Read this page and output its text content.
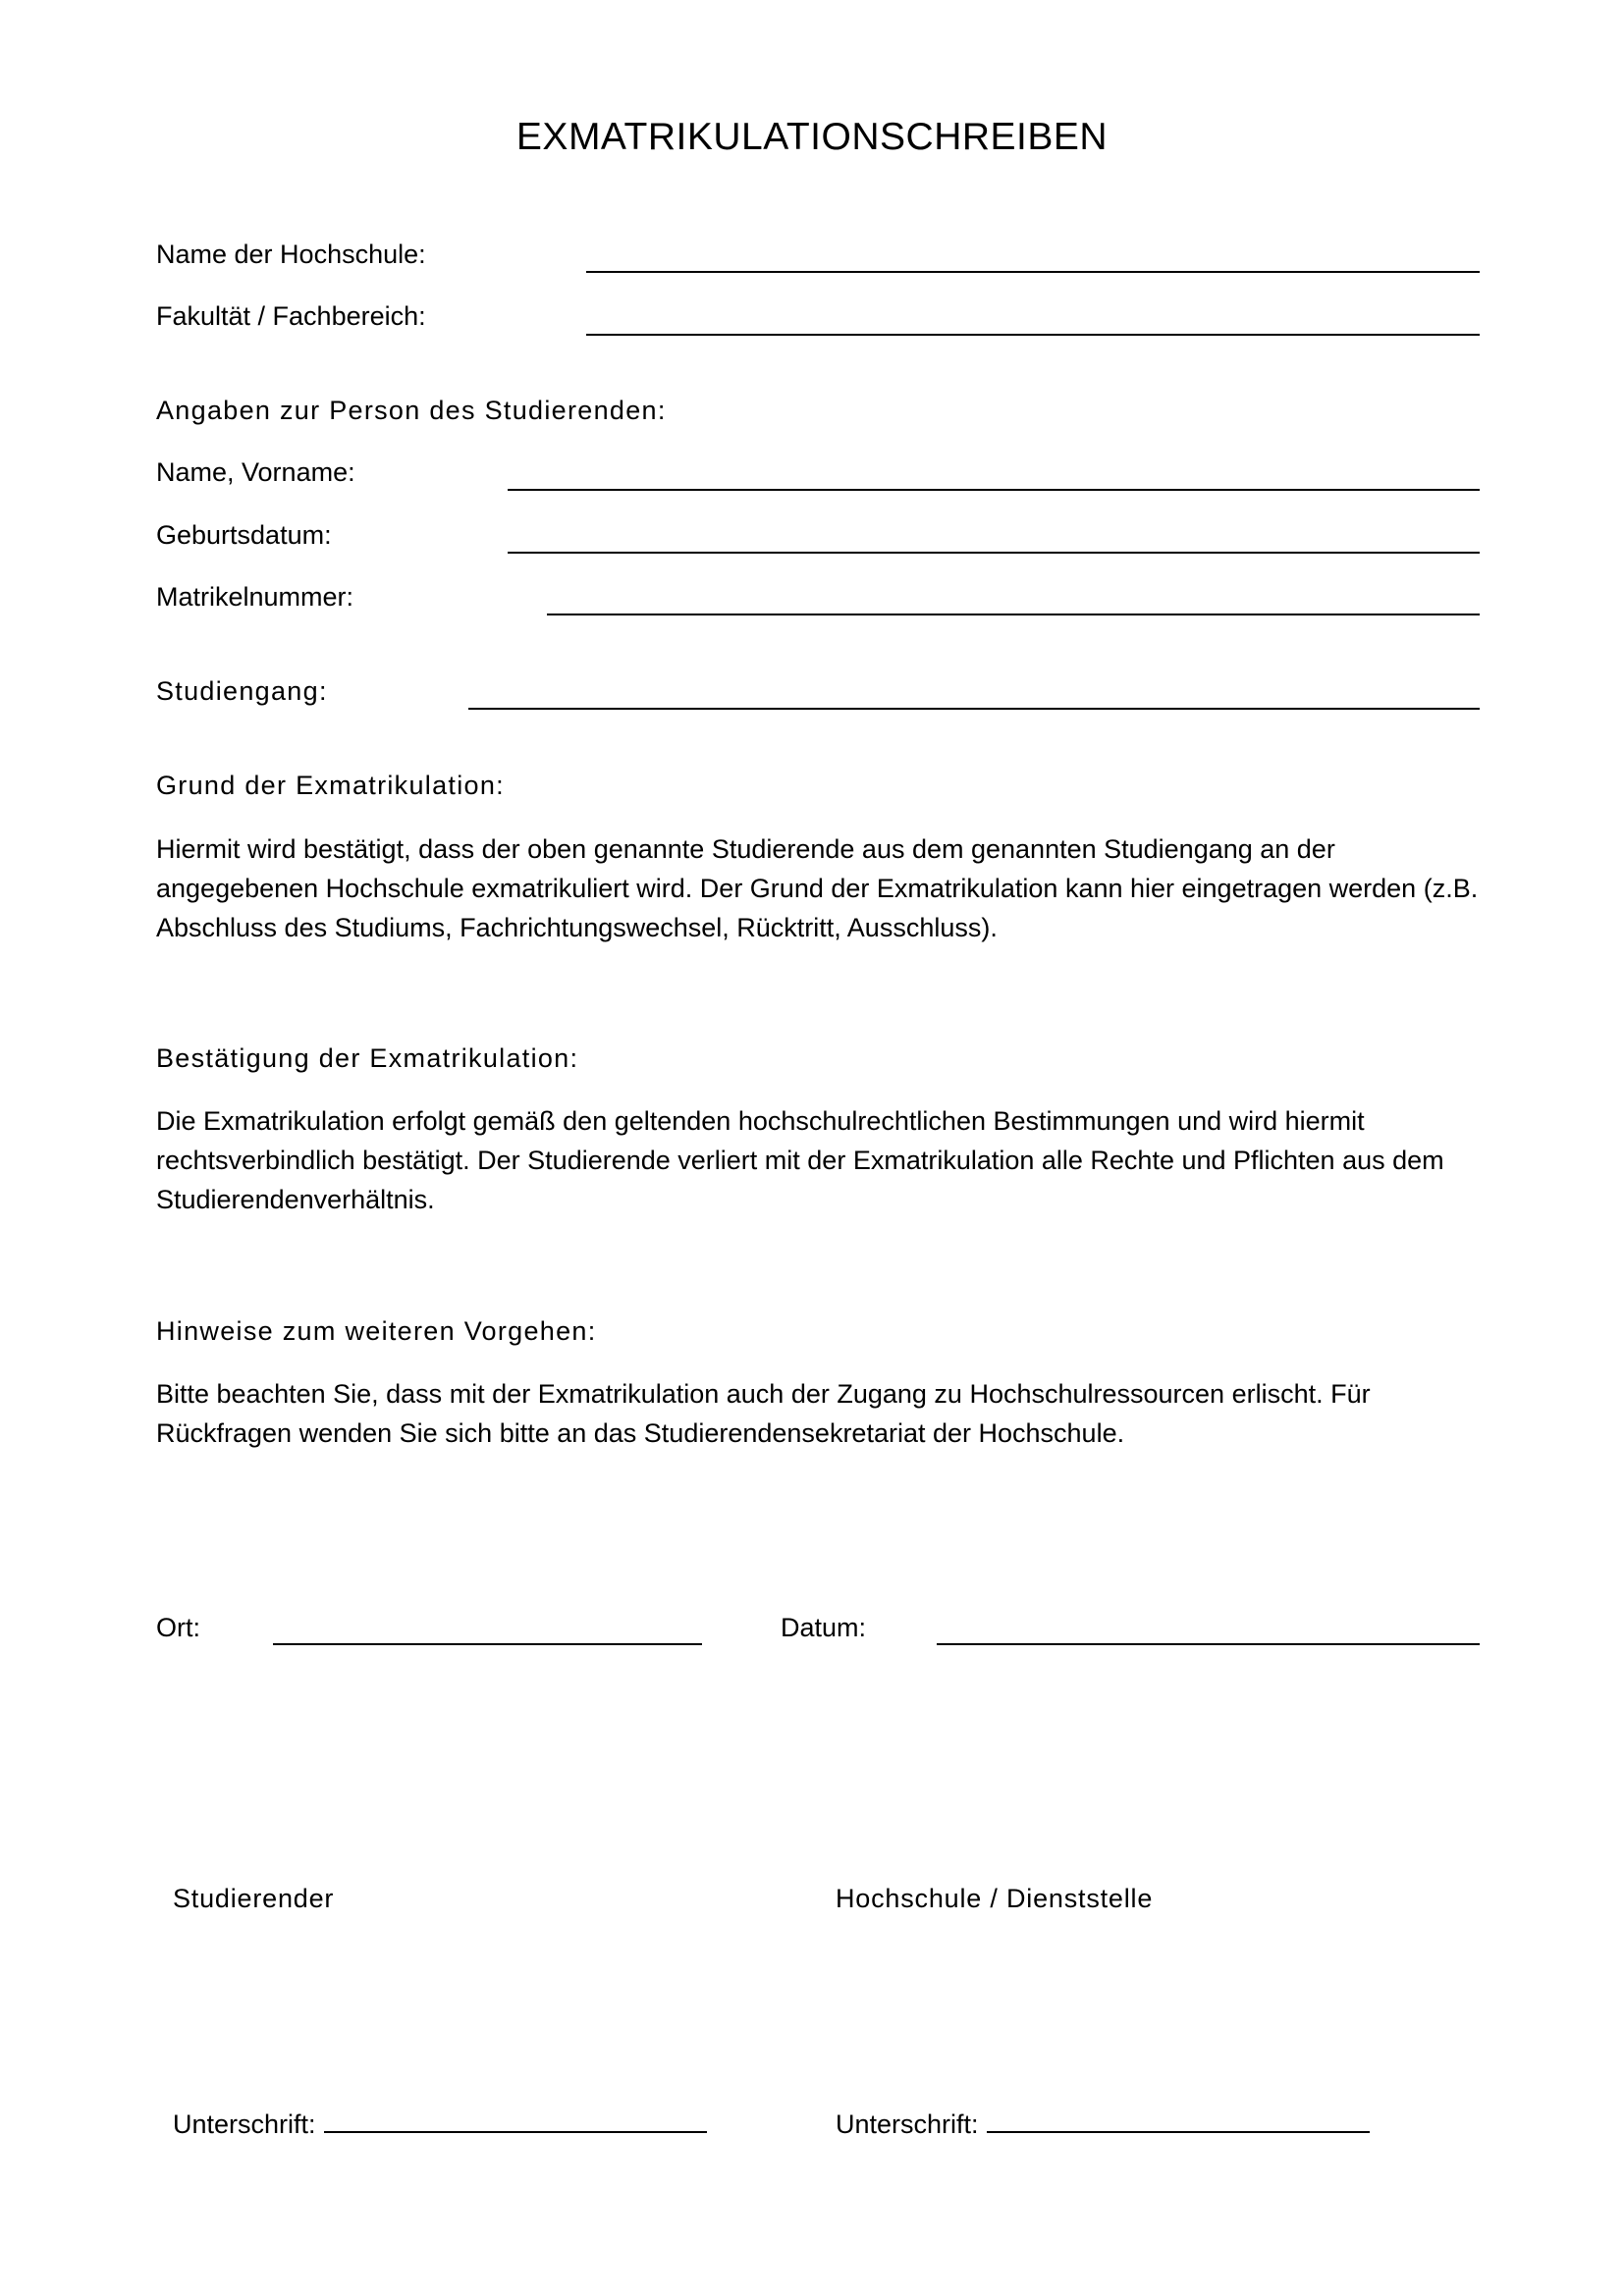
EXMATRIKULATIONSCHREIBEN
Name der Hochschule:
Fakultät / Fachbereich:
Angaben zur Person des Studierenden:
Name, Vorname:
Geburtsdatum:
Matrikelnummer:
Studiengang:
Grund der Exmatrikulation:
Hiermit wird bestätigt, dass der oben genannte Studierende aus dem genannten Studiengang an der angegebenen Hochschule exmatrikuliert wird. Der Grund der Exmatrikulation kann hier eingetragen werden (z.B. Abschluss des Studiums, Fachrichtungswechsel, Rücktritt, Ausschluss).
Bestätigung der Exmatrikulation:
Die Exmatrikulation erfolgt gemäß den geltenden hochschulrechtlichen Bestimmungen und wird hiermit rechtsverbindlich bestätigt. Der Studierende verliert mit der Exmatrikulation alle Rechte und Pflichten aus dem Studierendenverhältnis.
Hinweise zum weiteren Vorgehen:
Bitte beachten Sie, dass mit der Exmatrikulation auch der Zugang zu Hochschulressourcen erlischt. Für Rückfragen wenden Sie sich bitte an das Studierendensekretariat der Hochschule.
Ort:	Datum:
Studierender	Hochschule / Dienststelle
Unterschrift:	Unterschrift:
